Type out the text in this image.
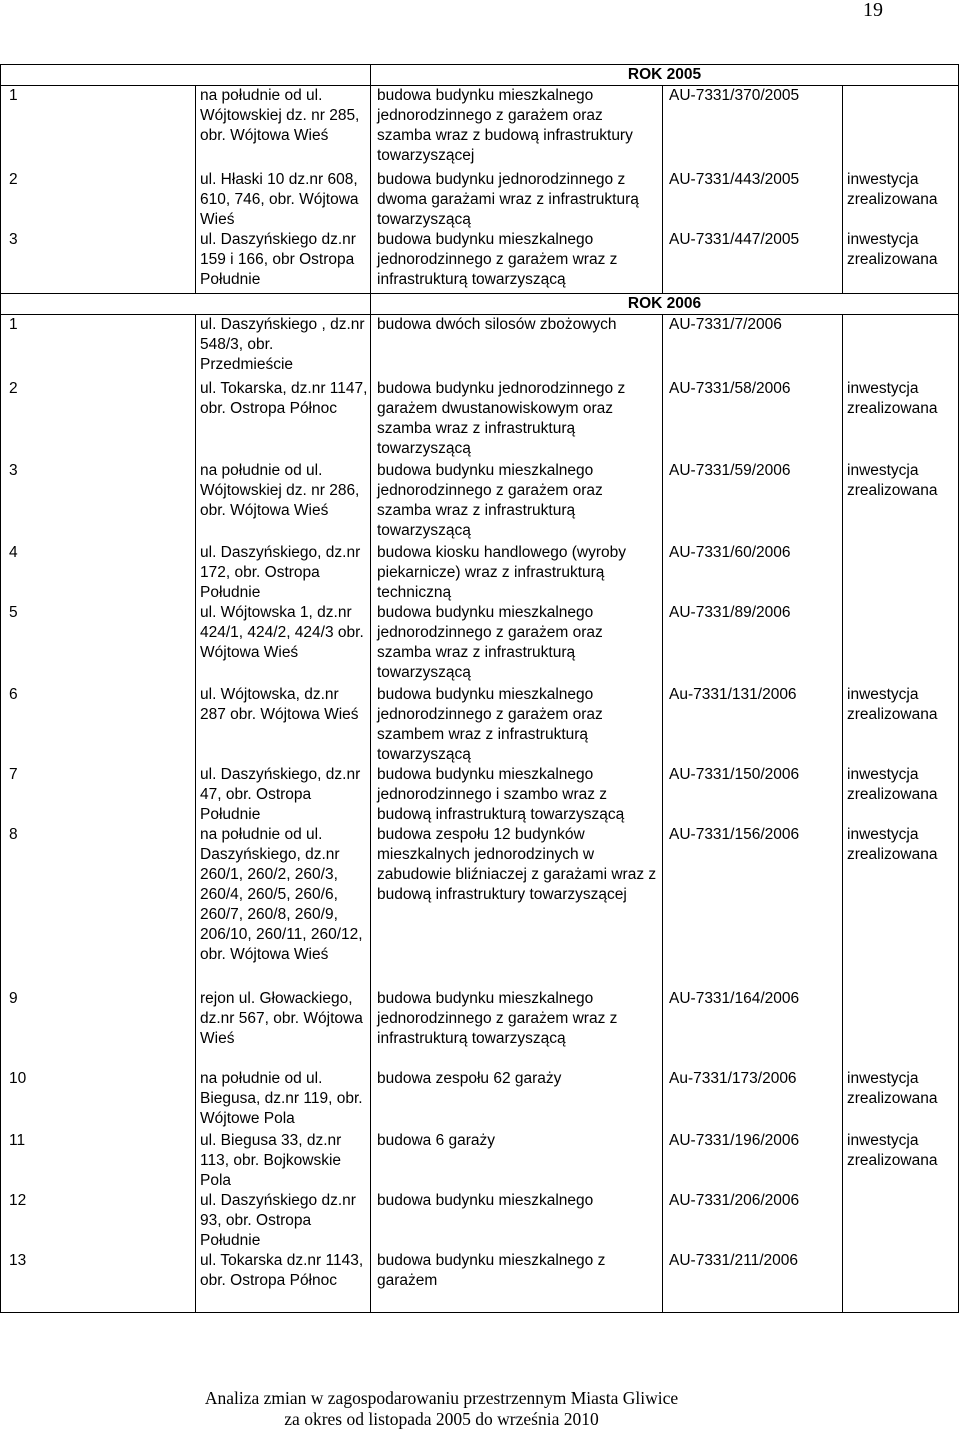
19
		ROK 2005		
1	na południe od ul. Wójtowskiej dz. nr 285, obr. Wójtowa Wieś	budowa budynku mieszkalnego jednorodzinnego z garażem oraz szamba wraz z budową infrastruktury towarzyszącej	AU-7331/370/2005	
2	ul. Hłaski 10 dz.nr 608, 610, 746, obr. Wójtowa Wieś	budowa budynku jednorodzinnego z dwoma garażami wraz z infrastrukturą towarzyszącą	AU-7331/443/2005	inwestycja zrealizowana
3	ul. Daszyńskiego dz.nr 159 i 166, obr Ostropa Południe	budowa budynku mieszkalnego jednorodzinnego z garażem wraz z infrastrukturą towarzyszącą	AU-7331/447/2005	inwestycja zrealizowana
		ROK 2006		
1	ul. Daszyńskiego , dz.nr 548/3, obr. Przedmieście	budowa dwóch silosów zbożowych	AU-7331/7/2006	
2	ul. Tokarska, dz.nr 1147, obr. Ostropa Północ	budowa budynku jednorodzinnego z garażem dwustanowiskowym oraz szamba wraz z infrastrukturą towarzyszącą	AU-7331/58/2006	inwestycja zrealizowana
3	na południe od ul. Wójtowskiej dz. nr 286, obr. Wójtowa Wieś	budowa budynku mieszkalnego jednorodzinnego z garażem oraz szamba wraz z infrastrukturą towarzyszącą	AU-7331/59/2006	inwestycja zrealizowana
4	ul. Daszyńskiego, dz.nr 172, obr. Ostropa Południe	budowa kiosku handlowego (wyroby piekarnicze) wraz z infrastrukturą techniczną	AU-7331/60/2006	
5	ul. Wójtowska 1, dz.nr 424/1, 424/2, 424/3 obr. Wójtowa Wieś	budowa budynku mieszkalnego jednorodzinnego z garażem oraz szamba wraz z infrastrukturą towarzyszącą	AU-7331/89/2006	
6	ul. Wójtowska, dz.nr 287 obr. Wójtowa Wieś	budowa budynku mieszkalnego jednorodzinnego z garażem oraz szambem wraz z infrastrukturą towarzyszącą	Au-7331/131/2006	inwestycja zrealizowana
7	ul. Daszyńskiego, dz.nr 47, obr. Ostropa Południe	budowa budynku mieszkalnego jednorodzinnego i szambo wraz z budową infrastrukturą towarzyszącą	AU-7331/150/2006	inwestycja zrealizowana
8	na południe od ul. Daszyńskiego, dz.nr 260/1, 260/2, 260/3, 260/4, 260/5, 260/6, 260/7, 260/8, 260/9, 206/10, 260/11, 260/12, obr. Wójtowa Wieś	budowa zespołu 12 budynków mieszkalnych jednorodzinych w zabudowie bliźniaczej z garażami wraz z budową infrastruktury towarzyszącej	AU-7331/156/2006	inwestycja zrealizowana
9	rejon ul. Głowackiego, dz.nr 567, obr. Wójtowa Wieś	budowa budynku mieszkalnego jednorodzinnego z garażem wraz z infrastrukturą towarzyszącą	AU-7331/164/2006	
10	na południe od ul. Biegusa, dz.nr 119, obr. Wójtowe Pola	budowa zespołu 62 garaży	Au-7331/173/2006	inwestycja zrealizowana
11	ul. Biegusa 33, dz.nr 113, obr. Bojkowskie Pola	budowa 6 garaży	AU-7331/196/2006	inwestycja zrealizowana
12	ul. Daszyńskiego dz.nr 93, obr. Ostropa Południe	budowa budynku mieszkalnego	AU-7331/206/2006	
13	ul. Tokarska dz.nr 1143, obr. Ostropa Północ	budowa budynku mieszkalnego z garażem	AU-7331/211/2006	
Analiza zmian w zagospodarowaniu przestrzennym Miasta Gliwice
za okres od listopada 2005 do września 2010
